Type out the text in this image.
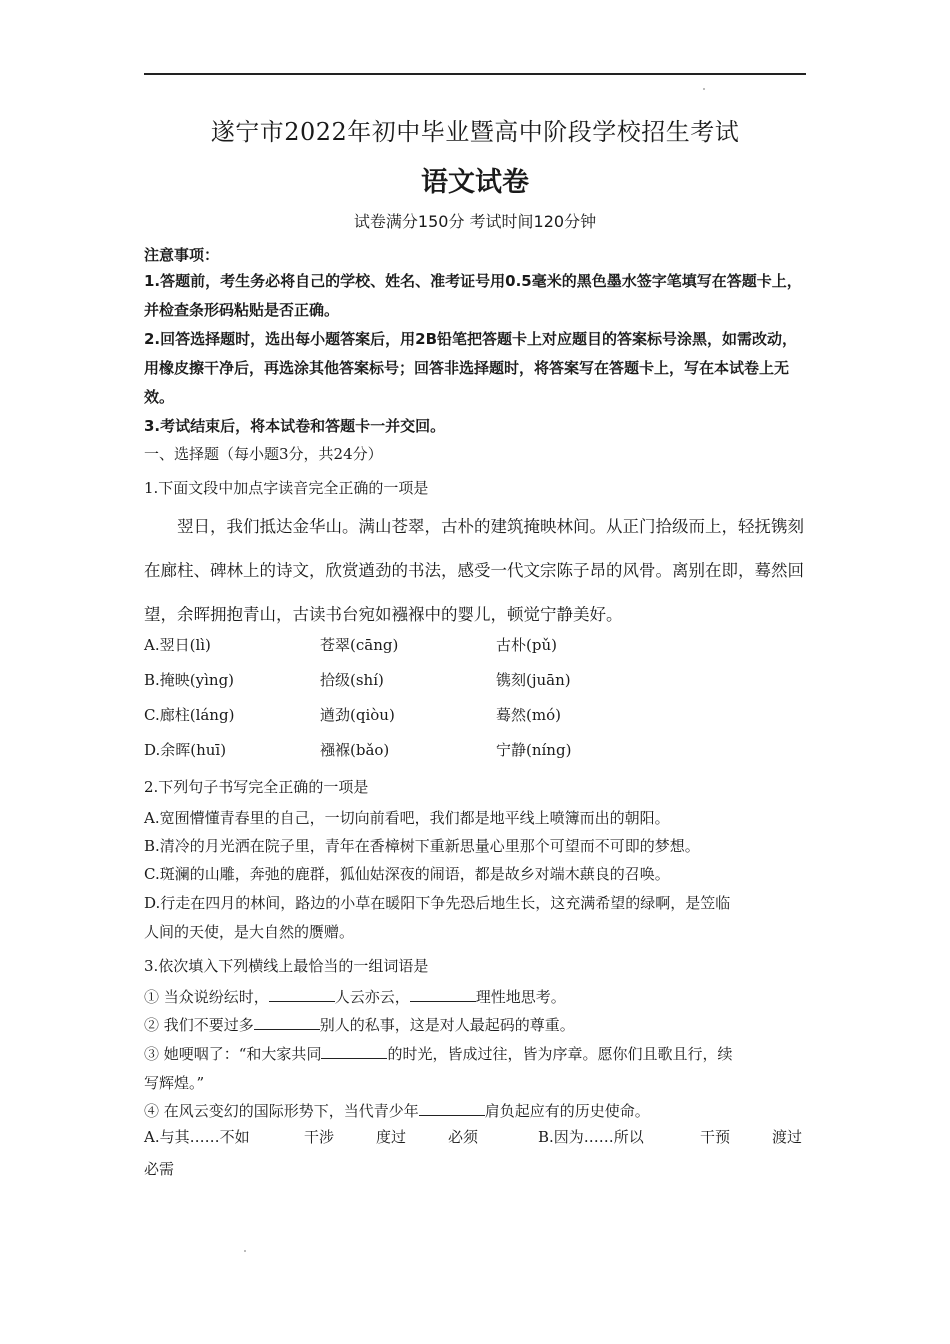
遂宁市2022年初中毕业暨高中阶段学校招生考试
语文试卷
试卷满分150分 考试时间120分钟
注意事项：
1.答题前，考生务必将自己的学校、姓名、准考证号用0.5毫米的黑色墨水签字笔填写在答题卡上，并检查条形码粘贴是否正确。
2.回答选择题时，选出每小题答案后，用2B铅笔把答题卡上对应题目的答案标号涂黑，如需改动，用橡皮擦干净后，再选涂其他答案标号；回答非选择题时，将答案写在答题卡上，写在本试卷上无效。
3.考试结束后，将本试卷和答题卡一并交回。
一、选择题（每小题3分，共24分）
1.下面文段中加点字读音完全正确的一项是
翌日，我们抵达金华山。满山苍翠，古朴的建筑掩映林间。从正门拾级而上，轻抚镌刻在廊柱、碑林上的诗文，欣赏遒劲的书法，感受一代文宗陈子昂的风骨。离别在即，蓦然回望，余晖拥抱青山，古读书台宛如襁褓中的婴儿，顿觉宁静美好。
A.翌日(lì)	苍翠(cāng)	古朴(pǔ)
B.掩映(yìng)	拾级(shí)	镌刻(juān)
C.廊柱(láng)	遒劲(qiòu)	蓦然(mó)
D.余晖(huī)	襁褓(bǎo)	宁静(níng)
2.下列句子书写完全正确的一项是
A.宽囿懵懂青春里的自己，一切向前看吧，我们都是地平线上喷簿而出的朝阳。
B.清冷的月光洒在院子里，青年在香樟树下重新思量心里那个可望而不可即的梦想。
C.斑澜的山雕，奔弛的鹿群，狐仙姑深夜的闹语，都是故乡对端木蕻良的召唤。
D.行走在四月的林间，路边的小草在暖阳下争先恐后地生长，这充满希望的绿啊，是笠临
人间的天使，是大自然的赝赠。
3.依次填入下列横线上最恰当的一组词语是
① 当众说纷纭时，	人云亦云，	理性地思考。
② 我们不要过多	别人的私事，这是对人最起码的尊重。
③ 她哽咽了：“和大家共同	的时光，皆成过往，皆为序章。愿你们且歌且行，续
写辉煌。”
④ 在风云变幻的国际形势下，当代青少年	肩负起应有的历史使命。
A.与其……不如	干涉	度过	必须	B.因为……所以	干预	渡过
必需
